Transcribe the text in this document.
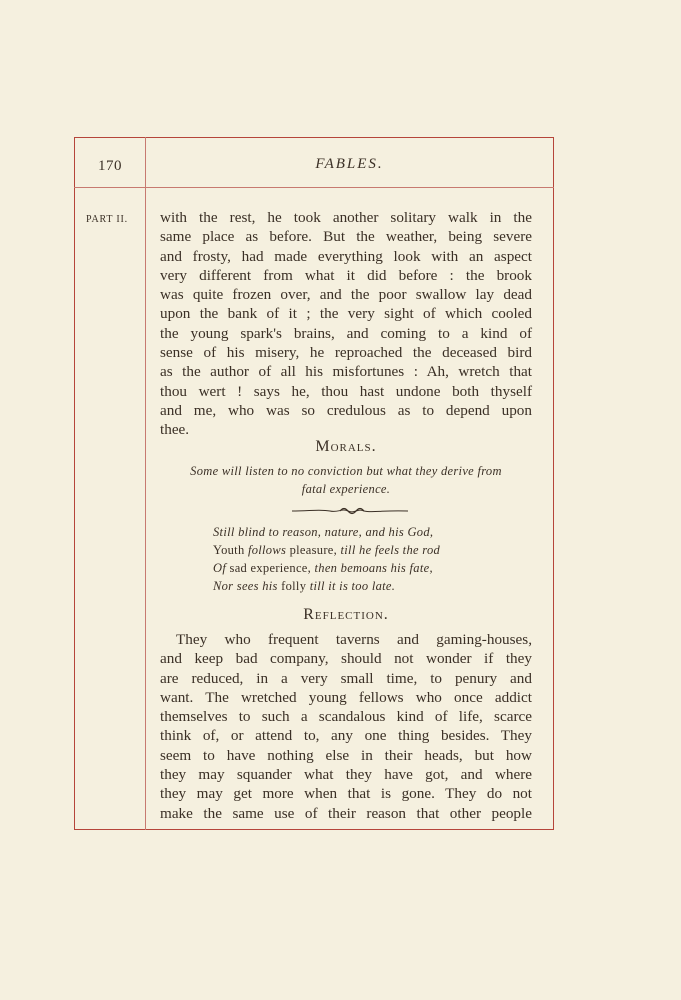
170	FABLES.
PART II. with the rest, he took another solitary walk in the
same place as before. But the weather, being severe
and frosty, had made everything look with an aspect
very different from what it did before : the brook
was quite frozen over, and the poor swallow lay dead
upon the bank of it ; the very sight of which cooled
the young spark's brains, and coming to a kind of
sense of his misery, he reproached the deceased bird
as the author of all his misfortunes : Ah, wretch that
thou wert ! says he, thou hast undone both thyself
and me, who was so credulous as to depend upon
thee.
Morals.
Some will listen to no conviction but what they derive from
fatal experience.
Still blind to reason, nature, and his God,
Youth follows pleasure, till he feels the rod
Of sad experience, then bemoans his fate,
Nor sees his folly till it is too late.
Reflection.
They who frequent taverns and gaming-houses,
and keep bad company, should not wonder if they
are reduced, in a very small time, to penury and
want. The wretched young fellows who once addict
themselves to such a scandalous kind of life, scarce
think of, or attend to, any one thing besides. They
seem to have nothing else in their heads, but how
they may squander what they have got, and where
they may get more when that is gone. They do not
make the same use of their reason that other people
